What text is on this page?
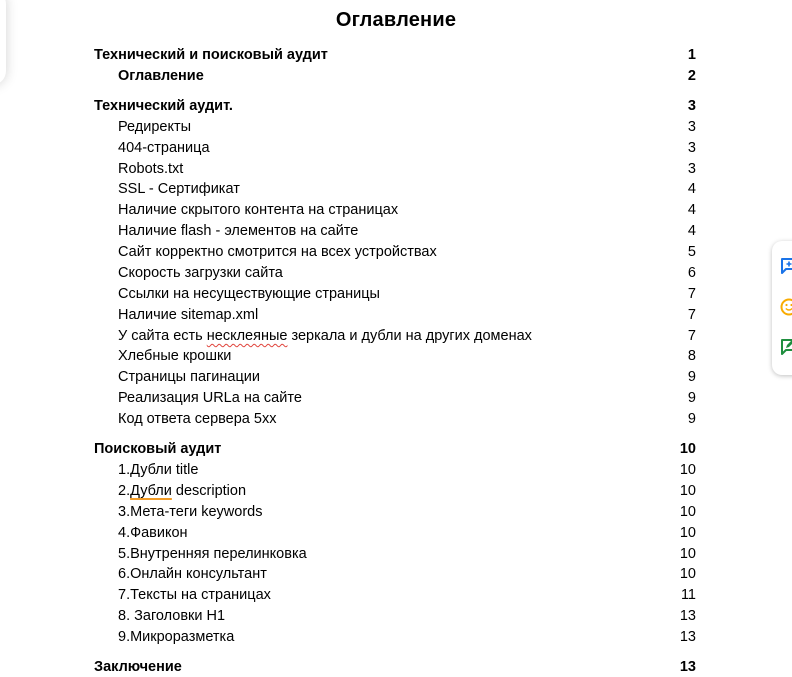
Оглавление
Технический и поисковый аудит	1
Оглавление	2
Технический аудит.	3
Редиректы	3
404-страница	3
Robots.txt	3
SSL - Сертификат	4
Наличие скрытого контента на страницах	4
Наличие flash - элементов на сайте	4
Сайт корректно смотрится на всех устройствах	5
Скорость загрузки сайта	6
Ссылки на несуществующие страницы	7
Наличие sitemap.xml	7
У сайта есть несклеяные зеркала и дубли на других доменах	7
Хлебные крошки	8
Страницы пагинации	9
Реализация URLa на сайте	9
Код ответа сервера 5xx	9
Поисковый аудит	10
1.Дубли title	10
2.Дубли description	10
3.Мета-теги keywords	10
4.Фавикон	10
5.Внутренняя перелинковка	10
6.Онлайн консультант	10
7.Тексты на страницах	11
8. Заголовки H1	13
9.Микроразметка	13
Заключение	13
